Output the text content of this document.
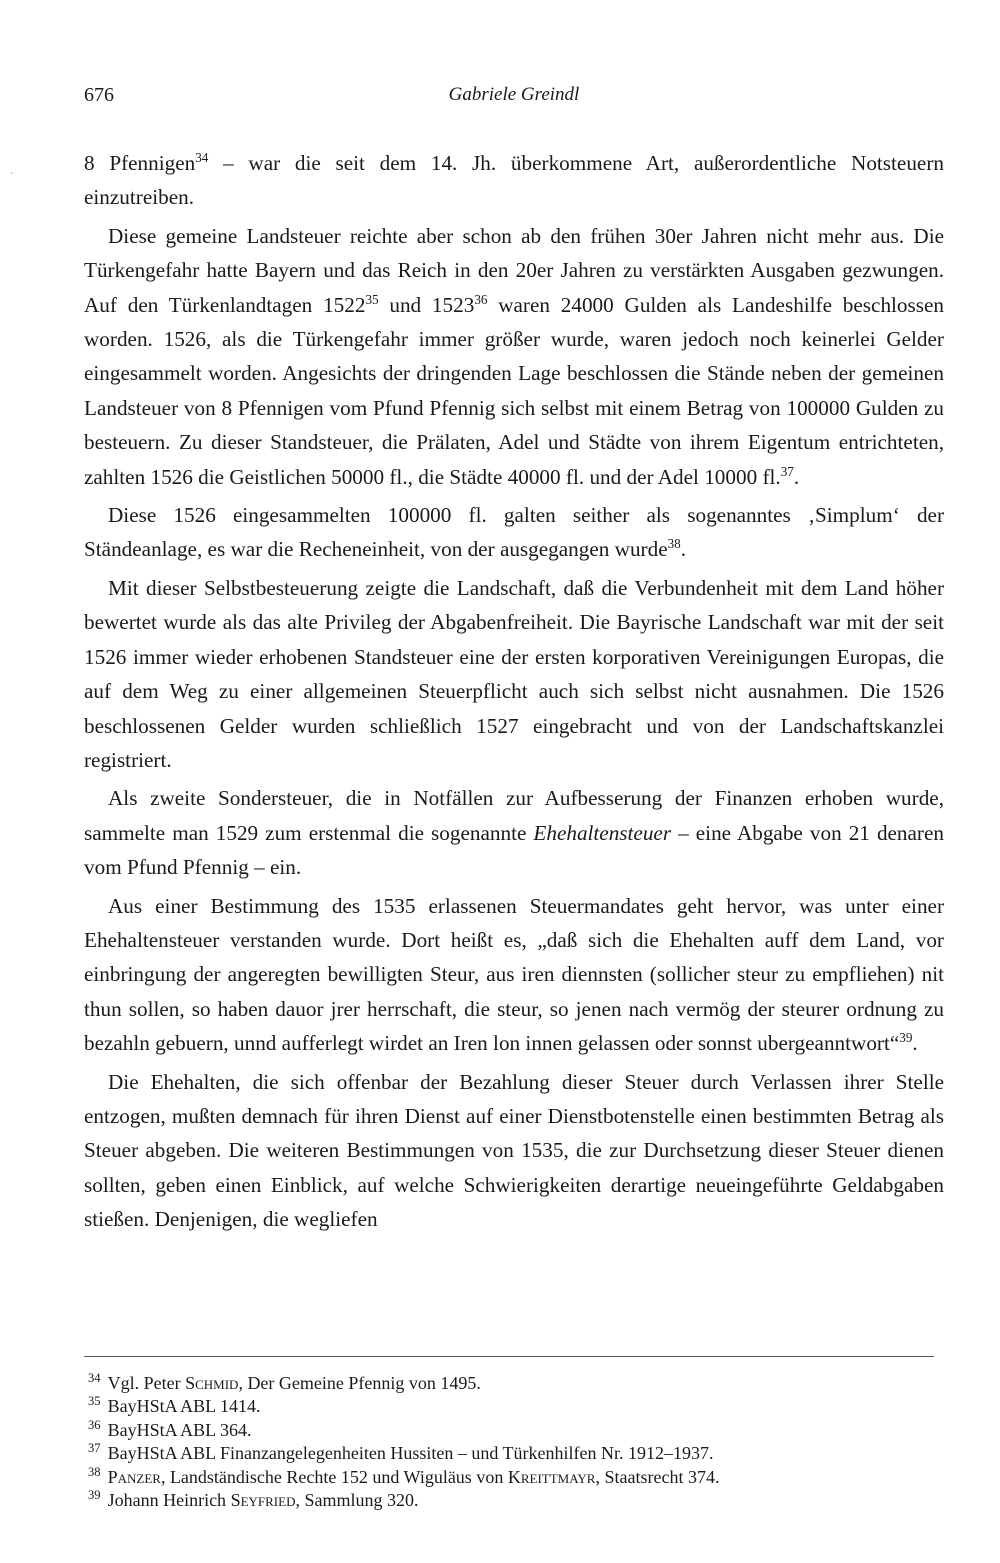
676	Gabriele Greindl
`

8 Pfennigen$^{34}$ – war die seit dem 14. Jh. überkommene Art, außerordentliche Notsteuern einzutreiben.

Diese gemeine Landsteuer reichte aber schon ab den frühen 30er Jahren nicht mehr aus. Die Türkengefahr hatte Bayern und das Reich in den 20er Jahren zu verstärkten Ausgaben gezwungen. Auf den Türkenlandtagen 1522$^{35}$ und 1523$^{36}$ waren 24000 Gulden als Landeshilfe beschlossen worden. 1526, als die Türkengefahr immer größer wurde, waren jedoch noch keinerlei Gelder eingesammelt worden. Angesichts der dringenden Lage beschlossen die Stände neben der gemeinen Landsteuer von 8 Pfennigen vom Pfund Pfennig sich selbst mit einem Betrag von 100000 Gulden zu besteuern. Zu dieser Standsteuer, die Prälaten, Adel und Städte von ihrem Eigentum entrichteten, zahlten 1526 die Geistlichen 50000 fl., die Städte 40000 fl. und der Adel 10000 fl.$^{37}$.

Diese 1526 eingesammelten 100000 fl. galten seither als sogenanntes ‚Simplum‘ der Ständeanlage, es war die Recheneinheit, von der ausgegangen wurde$^{38}$.

Mit dieser Selbstbesteuerung zeigte die Landschaft, daß die Verbundenheit mit dem Land höher bewertet wurde als das alte Privileg der Abgabenfreiheit. Die Bayrische Landschaft war mit der seit 1526 immer wieder erhobenen Standsteuer eine der ersten korporativen Vereinigungen Europas, die auf dem Weg zu einer allgemeinen Steuerpflicht auch sich selbst nicht ausnahmen. Die 1526 beschlossenen Gelder wurden schließlich 1527 eingebracht und von der Landschaftskanzlei registriert.

Als zweite Sondersteuer, die in Notfällen zur Aufbesserung der Finanzen erhoben wurde, sammelte man 1529 zum erstenmal die sogenannte Ehehaltensteuer – eine Abgabe von 21 denaren vom Pfund Pfennig – ein.

Aus einer Bestimmung des 1535 erlassenen Steuermandates geht hervor, was unter einer Ehehaltensteuer verstanden wurde. Dort heißt es, „daß sich die Ehehalten auff dem Land, vor einbringung der angeregten bewilligten Steur, aus iren diennsten (sollicher steur zu empfliehen) nit thun sollen, so haben dauor jrer herrschaft, die steur, so jenen nach vermög der steurer ordnung zu bezahln gebuern, unnd aufferlegt wirdet an Iren lon innen gelassen oder sonnst ubergeanntwort“$^{39}$.

Die Ehehalten, die sich offenbar der Bezahlung dieser Steuer durch Verlassen ihrer Stelle entzogen, mußten demnach für ihren Dienst auf einer Dienstbotenstelle einen bestimmten Betrag als Steuer abgeben. Die weiteren Bestimmungen von 1535, die zur Durchsetzung dieser Steuer dienen sollten, geben einen Einblick, auf welche Schwierigkeiten derartige neueingeführte Geldabgaben stießen. Denjenigen, die wegliefen

$^{34}$ Vgl. Peter Schmid, Der Gemeine Pfennig von 1495.
$^{35}$ BayHStA ABL 1414.
$^{36}$ BayHStA ABL 364.
$^{37}$ BayHStA ABL Finanzangelegenheiten Hussiten – und Türkenhilfen Nr. 1912–1937.
$^{38}$ Panzer, Landständische Rechte 152 und Wiguläus von Kreittmayr, Staatsrecht 374.
$^{39}$ Johann Heinrich Seyfried, Sammlung 320.
